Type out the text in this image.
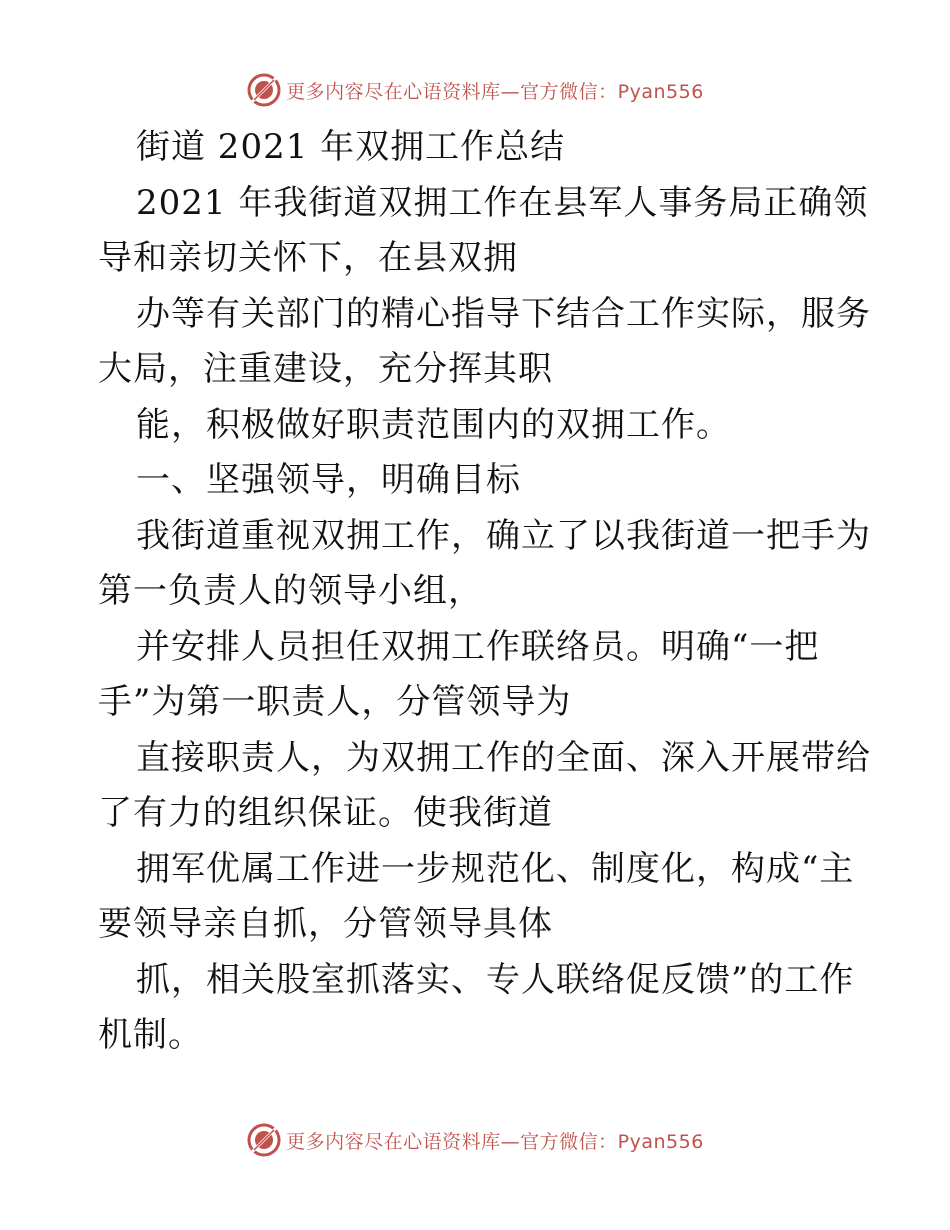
更多内容尽在心语资料库—官方微信：Pyan556
街道 2021 年双拥工作总结
2021 年我街道双拥工作在县军人事务局正确领
导和亲切关怀下，在县双拥
办等有关部门的精心指导下结合工作实际，服务
大局，注重建设，充分挥其职
能，积极做好职责范围内的双拥工作。
一、坚强领导，明确目标
我街道重视双拥工作，确立了以我街道一把手为
第一负责人的领导小组，
并安排人员担任双拥工作联络员。明确“一把
手”为第一职责人，分管领导为
直接职责人，为双拥工作的全面、深入开展带给
了有力的组织保证。使我街道
拥军优属工作进一步规范化、制度化，构成“主
要领导亲自抓，分管领导具体
抓，相关股室抓落实、专人联络促反馈”的工作
机制。
更多内容尽在心语资料库—官方微信：Pyan556
